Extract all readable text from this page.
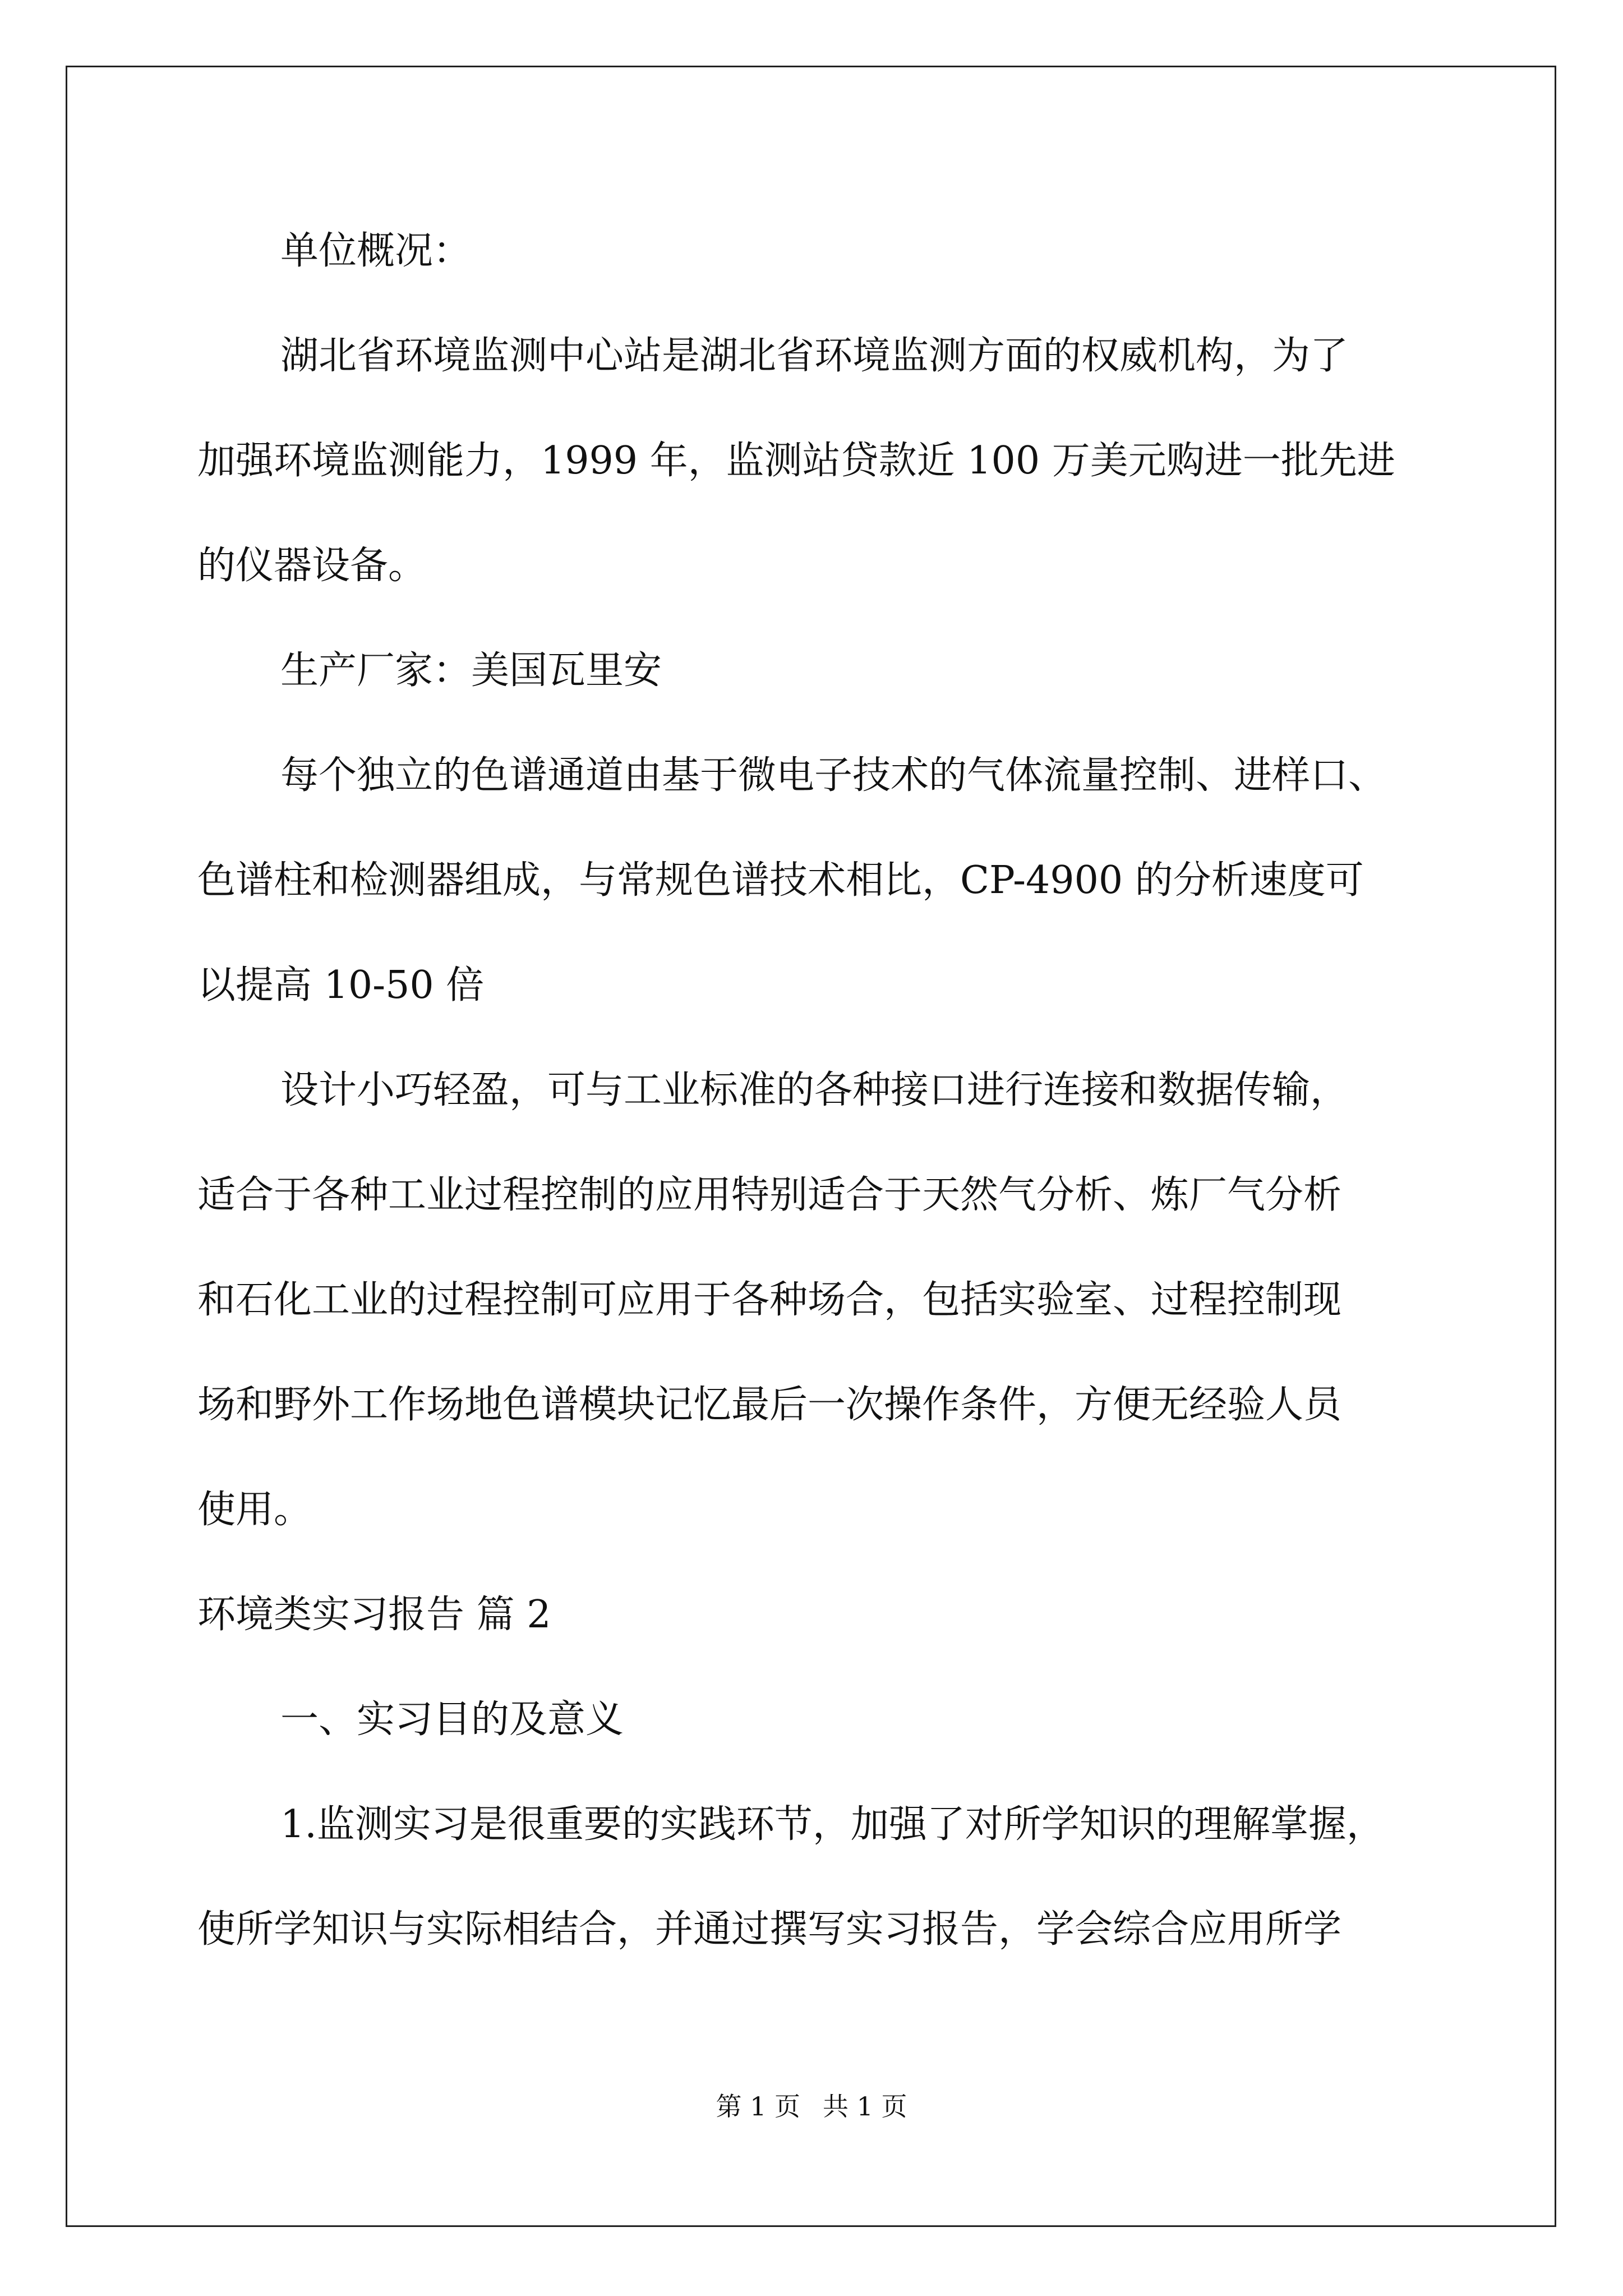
单位概况：
湖北省环境监测中心站是湖北省环境监测方面的权威机构，为了
加强环境监测能力，1999 年，监测站贷款近 100 万美元购进一批先进
的仪器设备。
生产厂家：美国瓦里安
每个独立的色谱通道由基于微电子技术的气体流量控制、进样口、
色谱柱和检测器组成，与常规色谱技术相比，CP-4900 的分析速度可
以提高 10-50 倍
设计小巧轻盈，可与工业标准的各种接口进行连接和数据传输，
适合于各种工业过程控制的应用特别适合于天然气分析、炼厂气分析
和石化工业的过程控制可应用于各种场合，包括实验室、过程控制现
场和野外工作场地色谱模块记忆最后一次操作条件，方便无经验人员
使用。
环境类实习报告 篇 2
一、实习目的及意义
1.监测实习是很重要的实践环节，加强了对所学知识的理解掌握，
使所学知识与实际相结合，并通过撰写实习报告，学会综合应用所学
第 1 页 共 1 页
